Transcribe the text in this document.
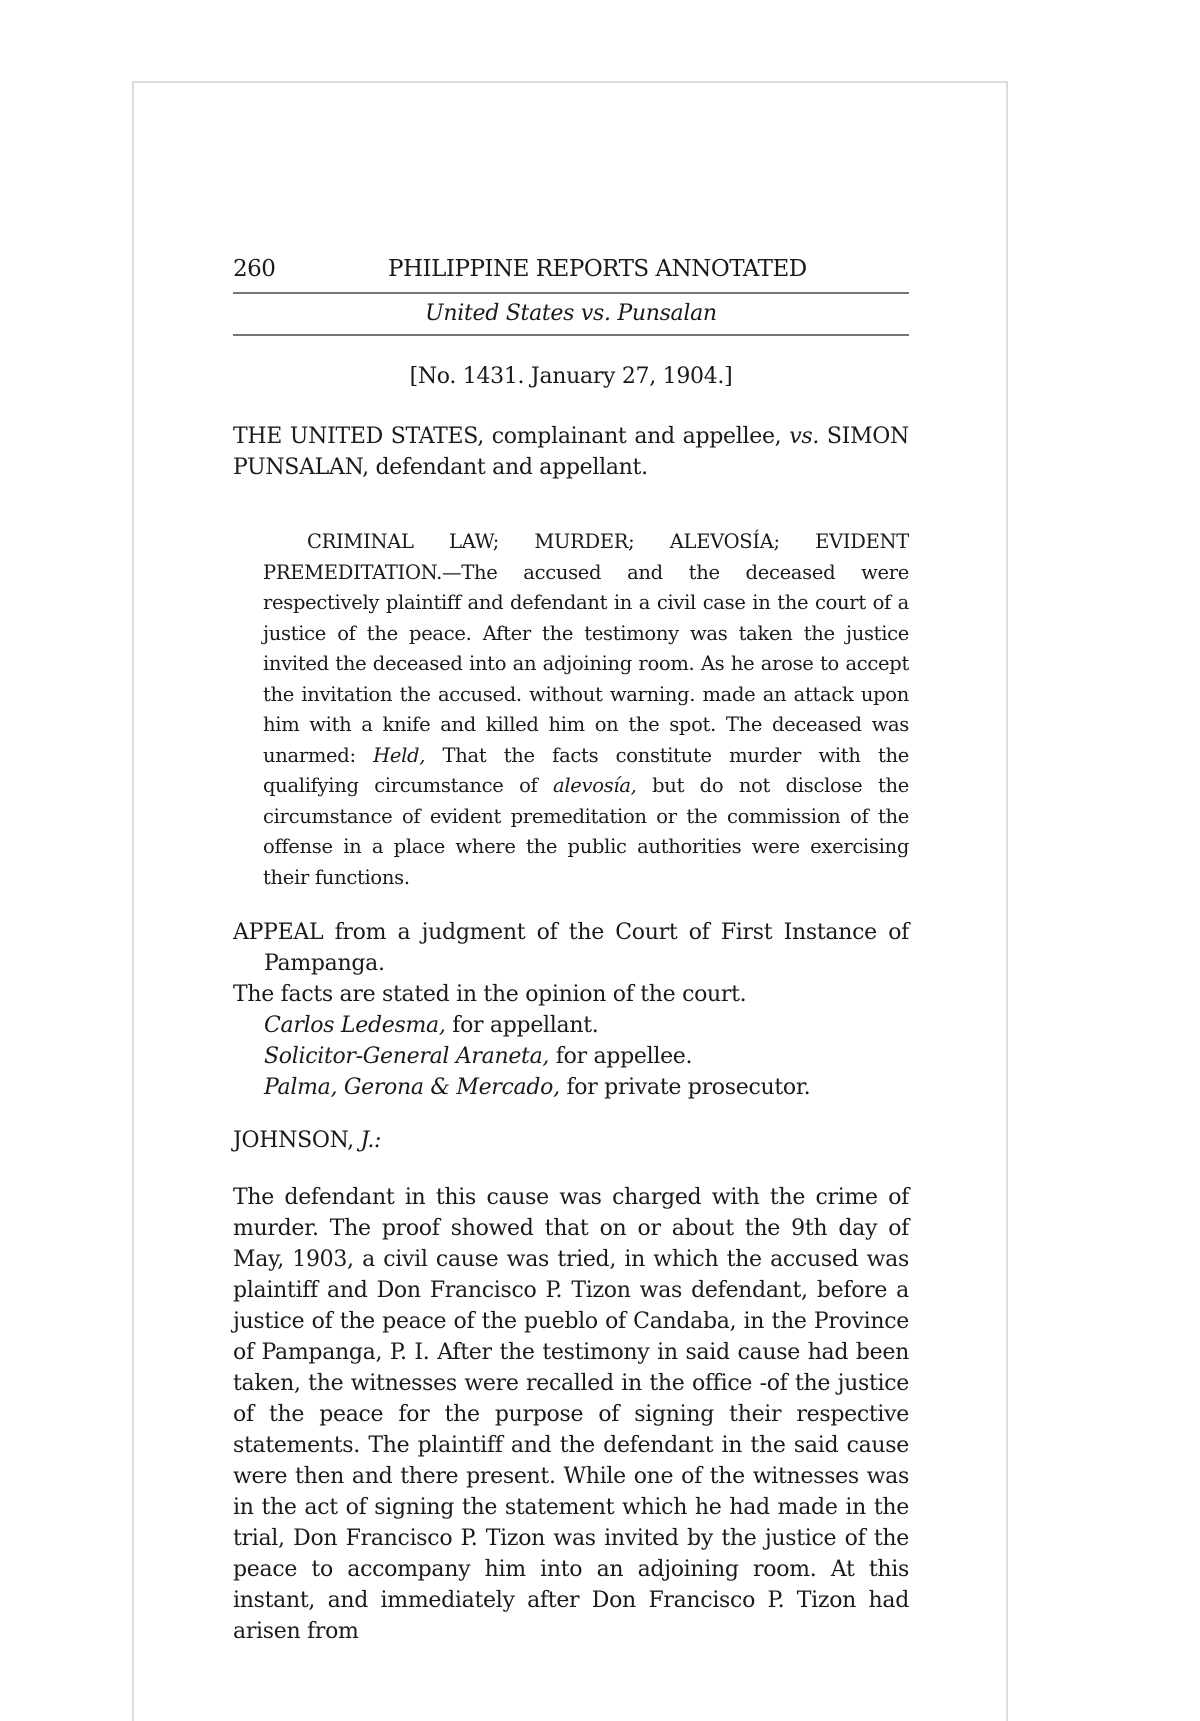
260	PHILIPPINE REPORTS ANNOTATED
United States vs. Punsalan
[No. 1431. January 27, 1904.]
THE UNITED STATES, complainant and appellee, vs. SIMON PUNSALAN, defendant and appellant.
CRIMINAL LAW; MURDER; ALEVOSÍA; EVIDENT PREMEDITATION.—The accused and the deceased were respectively plaintiff and defendant in a civil case in the court of a justice of the peace. After the testimony was taken the justice invited the deceased into an adjoining room. As he arose to accept the invitation the accused. without warning. made an attack upon him with a knife and killed him on the spot. The deceased was unarmed: Held, That the facts constitute murder with the qualifying circumstance of alevosía, but do not disclose the circumstance of evident premeditation or the commission of the offense in a place where the public authorities were exercising their functions.
APPEAL from a judgment of the Court of First Instance of Pampanga.
The facts are stated in the opinion of the court.
Carlos Ledesma, for appellant.
Solicitor-General Araneta, for appellee.
Palma, Gerona & Mercado, for private prosecutor.
JOHNSON, J.:
The defendant in this cause was charged with the crime of murder. The proof showed that on or about the 9th day of May, 1903, a civil cause was tried, in which the accused was plaintiff and Don Francisco P. Tizon was defendant, before a justice of the peace of the pueblo of Candaba, in the Province of Pampanga, P. I. After the testimony in said cause had been taken, the witnesses were recalled in the office -of the justice of the peace for the purpose of signing their respective statements. The plaintiff and the defendant in the said cause were then and there present. While one of the witnesses was in the act of signing the statement which he had made in the trial, Don Francisco P. Tizon was invited by the justice of the peace to accompany him into an adjoining room. At this instant, and immediately after Don Francisco P. Tizon had arisen from
